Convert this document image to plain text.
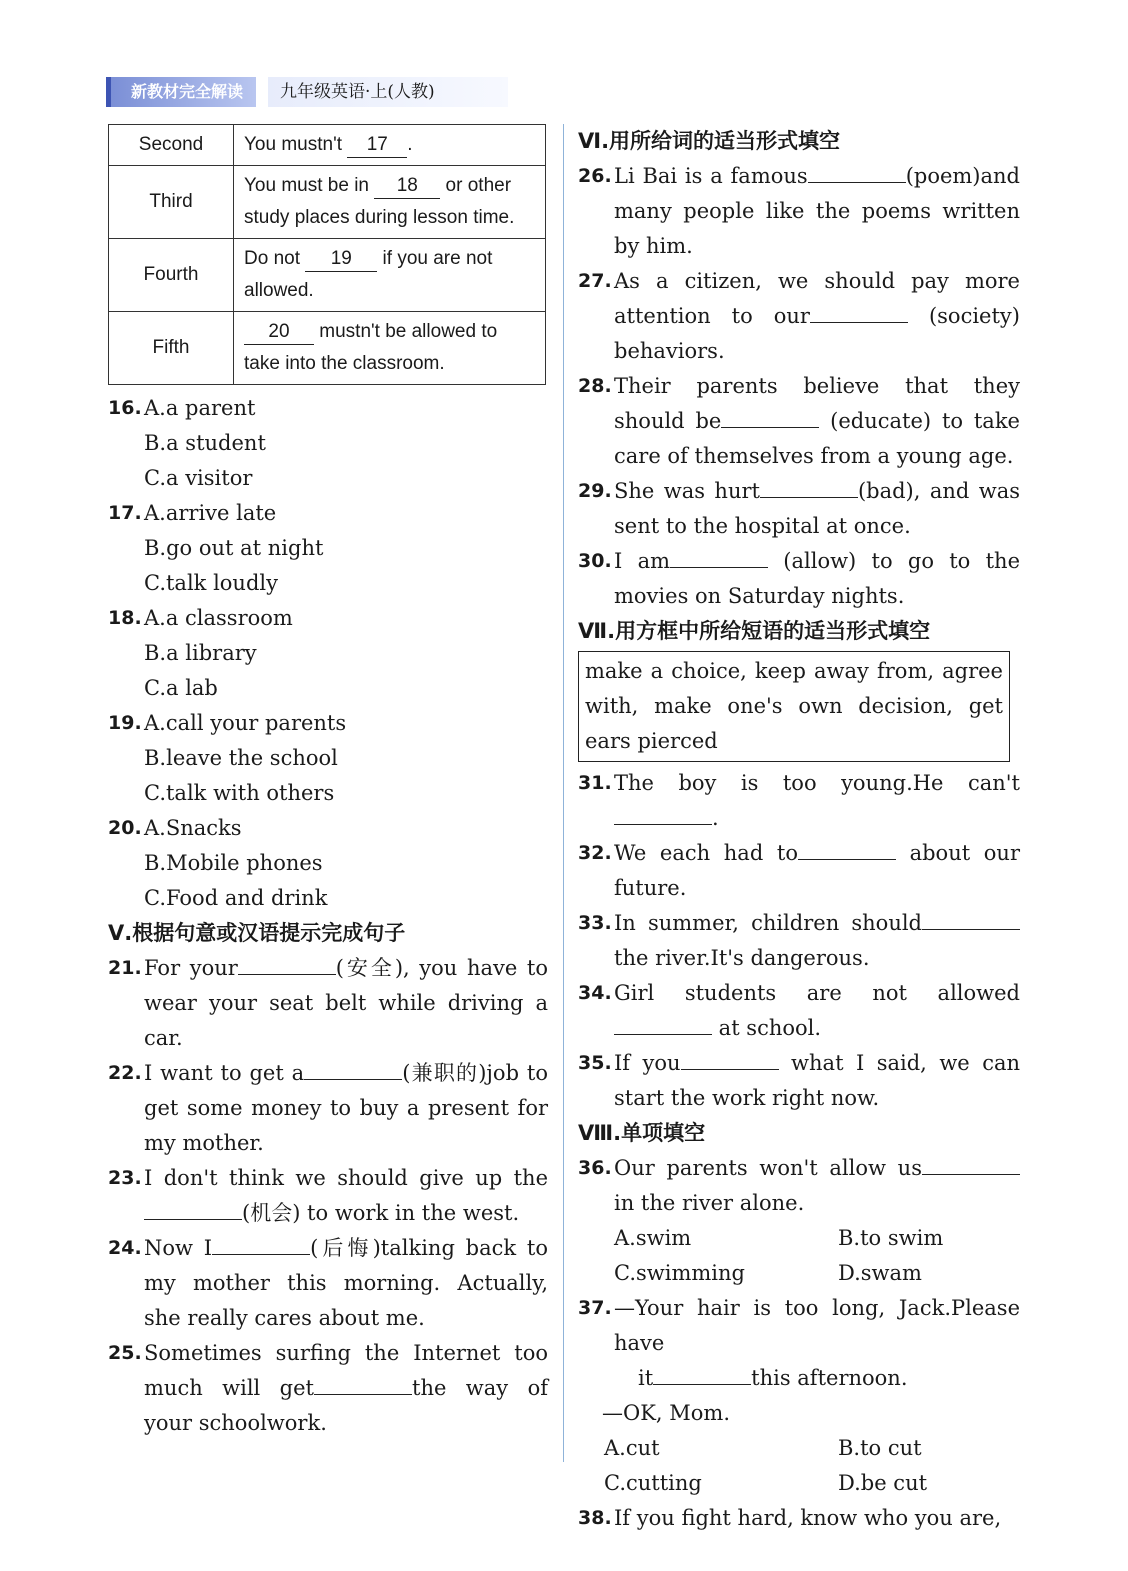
新教材完全解读	九年级英语·上(人教)
Second	You mustn't 17 .
Third	You must be in 18 or other study places during lesson time.
Fourth	Do not 19 if you are not allowed.
Fifth	20 mustn't be allowed to take into the classroom.
16. A.a parent
B.a student
C.a visitor
17. A.arrive late
B.go out at night
C.talk loudly
18. A.a classroom
B.a library
C.a lab
19. A.call your parents
B.leave the school
C.talk with others
20. A.Snacks
B.Mobile phones
C.Food and drink
Ⅴ.根据句意或汉语提示完成句子
21. For your	(安全), you have to wear your seat belt while driving a car.
22. I want to get a	(兼职的)job to get some money to buy a present for my mother.
23. I don't think we should give up the(机会) to work in the west.
24. Now I	(后悔)talking back to my mother this morning. Actually, she really cares about me.
25. Sometimes surfing the Internet too much will get	the way of your schoolwork.
Ⅵ.用所给词的适当形式填空
26. Li Bai is a famous	(poem)and many people like the poems written by him.
27. As a citizen, we should pay more attention to our	(society) behaviors.
28. Their parents believe that they should be	(educate) to take care of themselves from a young age.
29. She was hurt	(bad), and was sent to the hospital at once.
30. I am	(allow) to go to the movies on Saturday nights.
Ⅶ.用方框中所给短语的适当形式填空
make a choice, keep away from, agree with, make one's own decision, get ears pierced
31. The boy is too young.He can't.
32. We each had to	about our future.
33. In summer, children should the river.It's dangerous.
34. Girl students are not allowed at school.
35. If you	what I said, we can start the work right now.
Ⅷ.单项填空
36. Our parents won't allow usin the river alone.
A.swim	B.to swim
C.swimming	D.swam
37. —Your hair is too long, Jack.Please have
it	this afternoon.
—OK, Mom.
A.cut	B.to cut
C.cutting	D.be cut
38. If you fight hard, know who you are,
